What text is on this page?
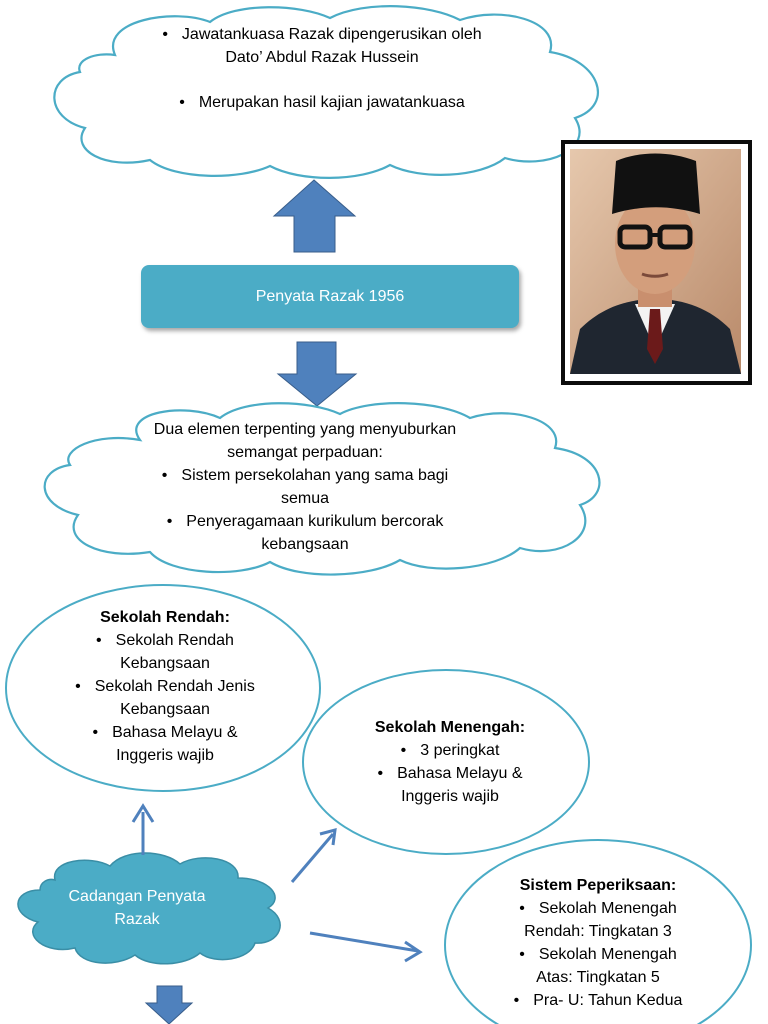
• Jawatankuasa Razak dipengerusikan oleh
Dato’ Abdul Razak Hussein
• Merupakan hasil kajian jawatankuasa
Penyata Razak 1956
Dua elemen terpenting yang menyuburkan
semangat perpaduan:
• Sistem persekolahan yang sama bagi
semua
• Penyeragamaan kurikulum bercorak
kebangsaan
Sekolah Rendah:
• Sekolah Rendah
Kebangsaan
• Sekolah Rendah Jenis
Kebangsaan
• Bahasa Melayu &
Inggeris wajib
Sekolah Menengah:
• 3 peringkat
• Bahasa Melayu &
Inggeris wajib
Sistem Peperiksaan:
• Sekolah Menengah
Rendah: Tingkatan 3
• Sekolah Menengah
Atas: Tingkatan 5
• Pra- U: Tahun Kedua
Cadangan Penyata
Razak
